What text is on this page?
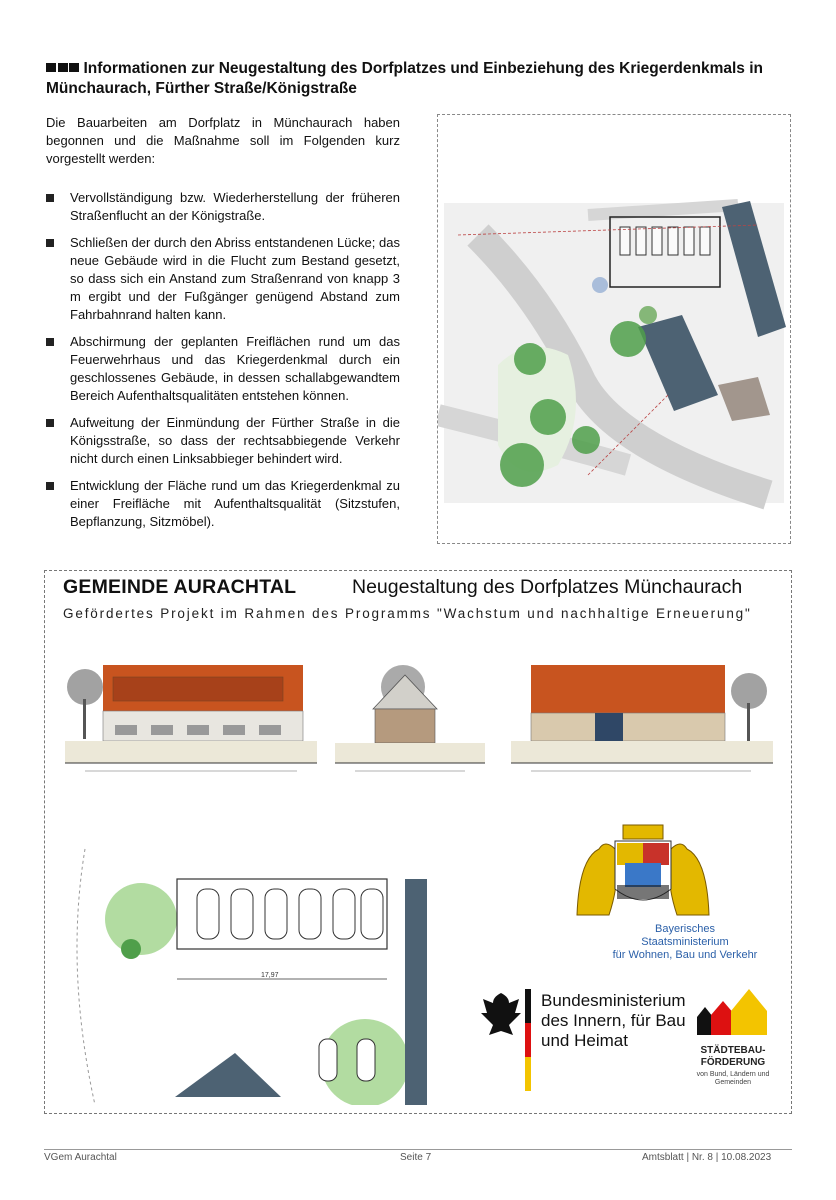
Informationen zur Neugestaltung des Dorfplatzes und Einbeziehung des Kriegerdenkmals in Münchaurach, Fürther Straße/Königstraße
Die Bauarbeiten am Dorfplatz in Münchaurach haben begonnen und die Maßnahme soll im Folgenden kurz vorgestellt werden:
Vervollständigung bzw. Wiederherstellung der früheren Straßenflucht an der Königstraße.
Schließen der durch den Abriss entstandenen Lücke; das neue Gebäude wird in die Flucht zum Bestand gesetzt, so dass sich ein Anstand zum Straßenrand von knapp 3 m ergibt und der Fußgänger genügend Abstand zum Fahrbahnrand halten kann.
Abschirmung der geplanten Freiflächen rund um das Feuerwehrhaus und das Kriegerdenkmal durch ein geschlossenes Gebäude, in dessen schallabgewandtem Bereich Aufenthaltsqualitäten entstehen können.
Aufweitung der Einmündung der Fürther Straße in die Königsstraße, so dass der rechtsabbiegende Verkehr nicht durch einen Linksabbieger behindert wird.
Entwicklung der Fläche rund um das Kriegerdenkmal zu einer Freifläche mit Aufenthaltsqualität (Sitzstufen, Bepflanzung, Sitzmöbel).
GEMEINDE AURACHTAL	Neugestaltung des Dorfplatzes Münchaurach
Gefördertes Projekt im Rahmen des Programms "Wachstum und nachhaltige Erneuerung"
17,97
Bayerisches Staatsministerium
für Wohnen, Bau und Verkehr
Bundesministerium
des Innern, für Bau
und Heimat
STÄDTEBAU-
FÖRDERUNG
von Bund, Ländern und
Gemeinden
VGem Aurachtal	Seite 7	Amtsblatt | Nr. 8 | 10.08.2023
